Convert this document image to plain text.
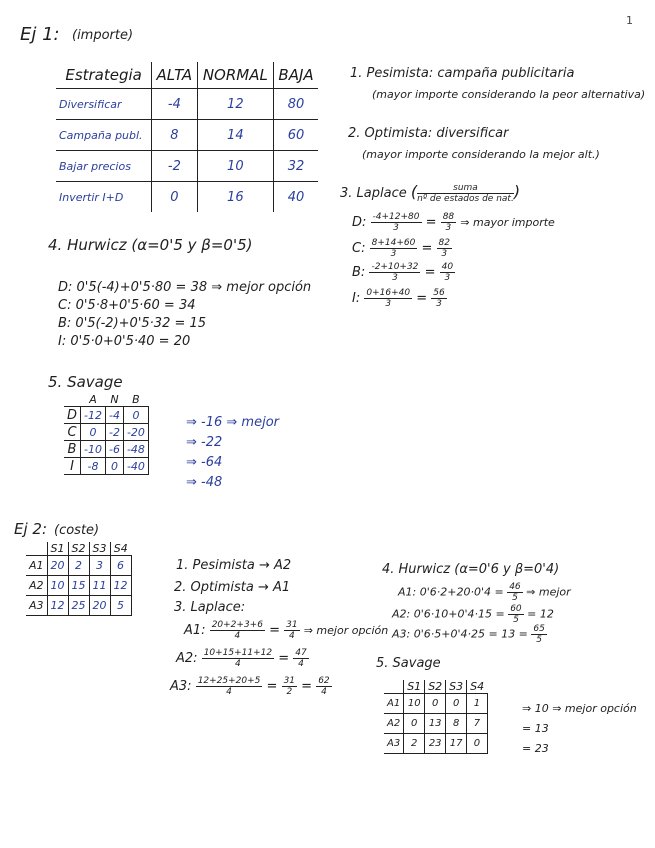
1
Ej 1: (importe)
Estrategia	ALTA	NORMAL	BAJA
Diversificar	-4	12	80
Campaña publ.	8	14	60
Bajar precios	-2	10	32
Invertir I+D	0	16	40
1. Pesimista: campaña publicitaria
(mayor importe considerando la peor alternativa)
2. Optimista: diversificar
(mayor importe considerando la mejor alt.)
3. Laplace ( $\frac{\text{suma}}{\text{nº de estados de nat.}}$ )
D: $\frac{-4+12+80}{3} = \frac{88}{3}$ ⇒ mayor importe
C: $\frac{8+14+60}{3} = \frac{82}{3}$
B: $\frac{-2+10+32}{3} = \frac{40}{3}$
I: $\frac{0+16+40}{3} = \frac{56}{3}$
4. Hurwicz (α=0'5 y β=0'5)
D: 0'5(-4)+0'5·80 = 38 ⇒ mejor opción
C: 0'5·8+0'5·60 = 34
B: 0'5(-2)+0'5·32 = 15
I: 0'5·0+0'5·40 = 20
5. Savage
	A	N	B
D	-12	-4	0
C	0	-2	-20
B	-10	-6	-48
I	-8	0	-40
⇒ -16 ⇒ mejor
⇒ -22
⇒ -64
⇒ -48
Ej 2: (coste)
	S1	S2	S3	S4
A1	20	2	3	6
A2	10	15	11	12
A3	12	25	20	5
1. Pesimista → A2
2. Optimista → A1
3. Laplace:
A1: $\frac{20+2+3+6}{4} = \frac{31}{4}$ ⇒ mejor opción
A2: $\frac{10+15+11+12}{4} = \frac{47}{4}$
A3: $\frac{12+25+20+5}{4} = \frac{31}{2} = \frac{62}{4}$
4. Hurwicz (α=0'6 y β=0'4)
A1: $0'6\cdot 2+20\cdot 0'4 = \frac{46}{5}$ ⇒ mejor
A2: $0'6\cdot 10+0'4\cdot 15 = \frac{60}{5} = 12$
A3: $0'6\cdot 5+0'4\cdot 25 = 13 = \frac{65}{5}$
5. Savage
	S1	S2	S3	S4
A1	10	0	0	1
A2	0	13	8	7
A3	2	23	17	0
⇒ 10 ⇒ mejor opción
= 13
= 23
